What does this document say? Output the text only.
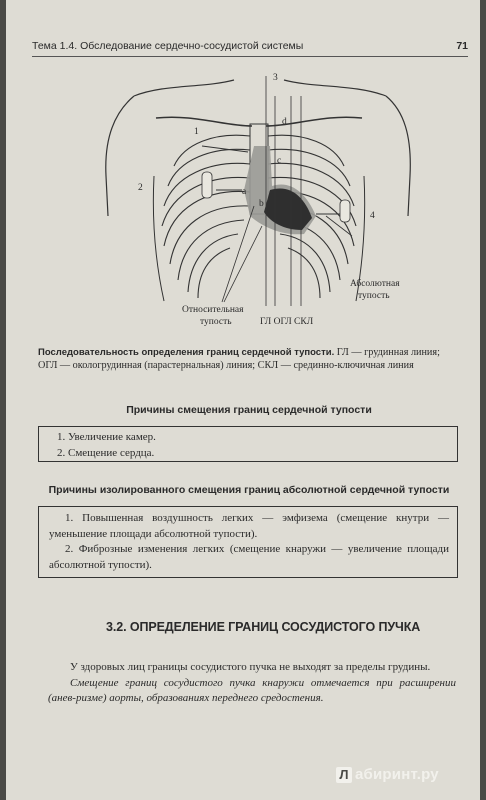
Тема 1.4. Обследование сердечно-сосудистой системы	71
1
2
3
4
a
b
c
d
Абсолютная
тупость
Относительная
тупость	ГЛ ОГЛ СКЛ
Последовательность определения границ сердечной тупости. ГЛ — грудинная линия; ОГЛ — окологрудинная (парастернальная) линия; СКЛ — срединно-ключичная линия
Причины смещения границ сердечной тупости
1. Увеличение камер.
2. Смещение сердца.
Причины изолированного смещения границ абсолютной сердечной тупости
1. Повышенная воздушность легких — эмфизема (смещение кнутри — уменьшение площади абсолютной тупости).
2. Фиброзные изменения легких (смещение кнаружи — увеличение площади абсолютной тупости).
3.2. ОПРЕДЕЛЕНИЕ ГРАНИЦ СОСУДИСТОГО ПУЧКА
У здоровых лиц границы сосудистого пучка не выходят за пределы грудины.
Смещение границ сосудистого пучка кнаружи отмечается при расширении (анев-ризме) аорты, образованиях переднего средостения.
Л абиринт.ру
